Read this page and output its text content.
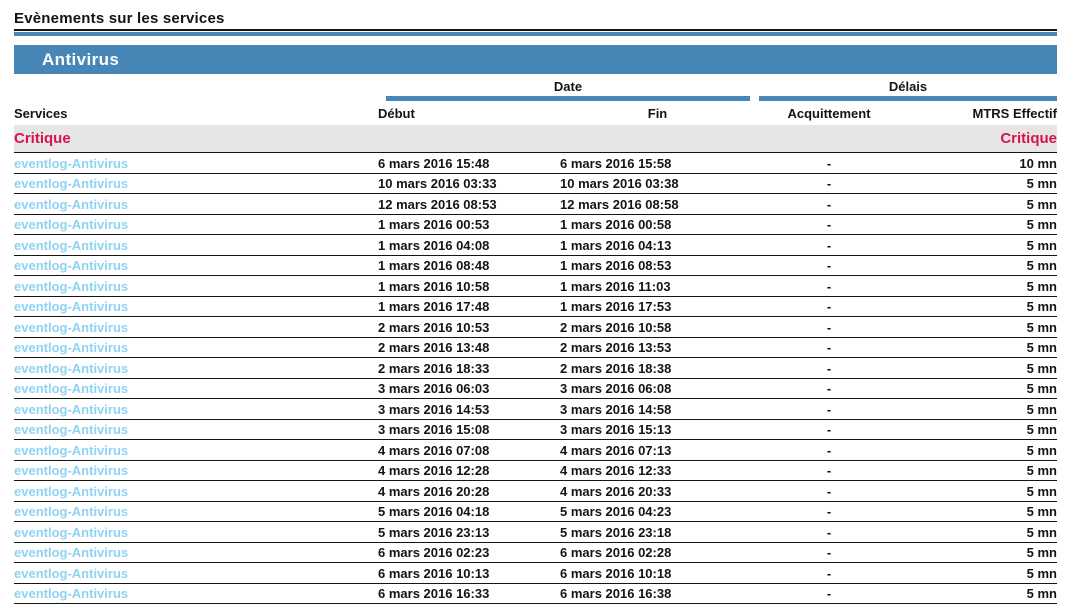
Evènements sur les services
Antivirus

	Date		Délais	

Services	Début	Fin	Acquittement	MTRS Effectif
Critique				Critique
eventlog-Antivirus	6 mars 2016 15:48	6 mars 2016 15:58	-	10 mn
eventlog-Antivirus	10 mars 2016 03:33	10 mars 2016 03:38	-	5 mn
eventlog-Antivirus	12 mars 2016 08:53	12 mars 2016 08:58	-	5 mn
eventlog-Antivirus	1 mars 2016 00:53	1 mars 2016 00:58	-	5 mn
eventlog-Antivirus	1 mars 2016 04:08	1 mars 2016 04:13	-	5 mn
eventlog-Antivirus	1 mars 2016 08:48	1 mars 2016 08:53	-	5 mn
eventlog-Antivirus	1 mars 2016 10:58	1 mars 2016 11:03	-	5 mn
eventlog-Antivirus	1 mars 2016 17:48	1 mars 2016 17:53	-	5 mn
eventlog-Antivirus	2 mars 2016 10:53	2 mars 2016 10:58	-	5 mn
eventlog-Antivirus	2 mars 2016 13:48	2 mars 2016 13:53	-	5 mn
eventlog-Antivirus	2 mars 2016 18:33	2 mars 2016 18:38	-	5 mn
eventlog-Antivirus	3 mars 2016 06:03	3 mars 2016 06:08	-	5 mn
eventlog-Antivirus	3 mars 2016 14:53	3 mars 2016 14:58	-	5 mn
eventlog-Antivirus	3 mars 2016 15:08	3 mars 2016 15:13	-	5 mn
eventlog-Antivirus	4 mars 2016 07:08	4 mars 2016 07:13	-	5 mn
eventlog-Antivirus	4 mars 2016 12:28	4 mars 2016 12:33	-	5 mn
eventlog-Antivirus	4 mars 2016 20:28	4 mars 2016 20:33	-	5 mn
eventlog-Antivirus	5 mars 2016 04:18	5 mars 2016 04:23	-	5 mn
eventlog-Antivirus	5 mars 2016 23:13	5 mars 2016 23:18	-	5 mn
eventlog-Antivirus	6 mars 2016 02:23	6 mars 2016 02:28	-	5 mn
eventlog-Antivirus	6 mars 2016 10:13	6 mars 2016 10:18	-	5 mn
eventlog-Antivirus	6 mars 2016 16:33	6 mars 2016 16:38	-	5 mn
